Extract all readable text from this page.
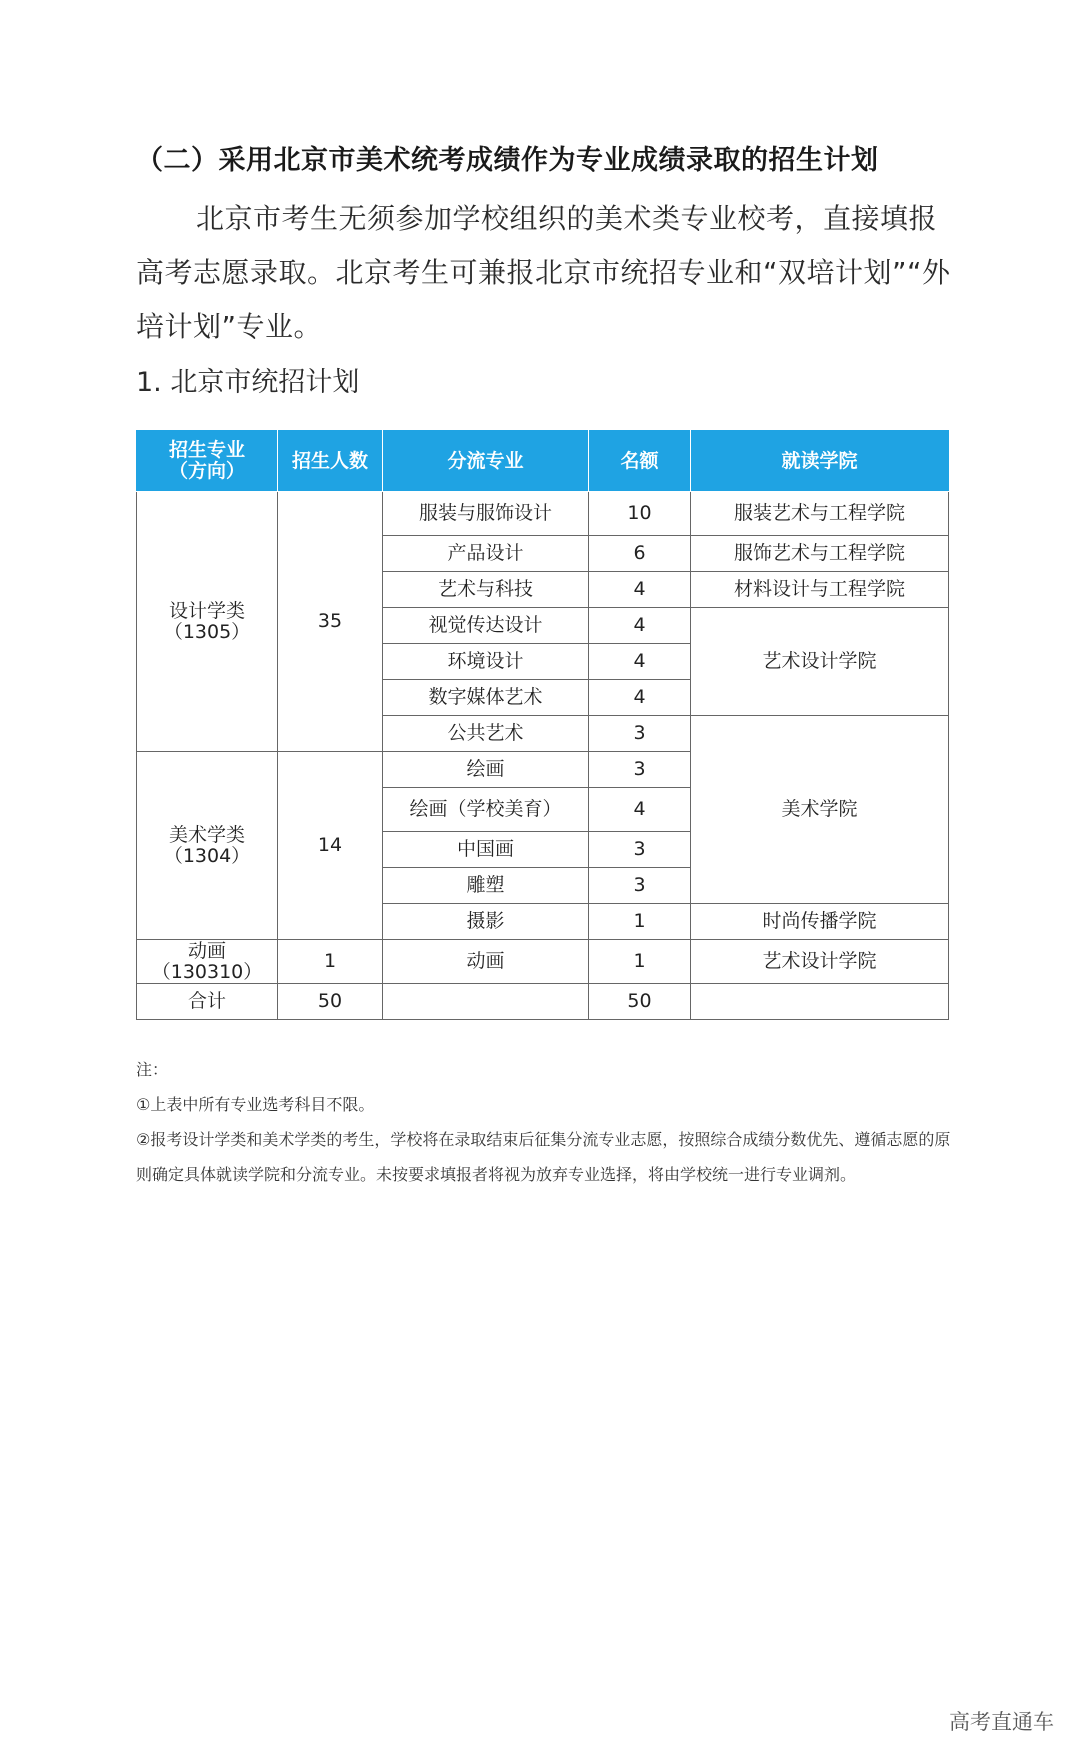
（二）采用北京市美术统考成绩作为专业成绩录取的招生计划
北京市考生无须参加学校组织的美术类专业校考，直接填报高考志愿录取。北京考生可兼报北京市统招专业和“双培计划”“外培计划”专业。
1. 北京市统招计划
招生专业
（方向）	招生人数	分流专业	名额	就读学院
设计学类
（1305）	35	服装与服饰设计	10	服装艺术与工程学院
		产品设计	6	服饰艺术与工程学院
		艺术与科技	4	材料设计与工程学院
		视觉传达设计	4	艺术设计学院
		环境设计	4	
		数字媒体艺术	4	
		公共艺术	3	美术学院
美术学类
（1304）	14	绘画	3	
		绘画（学校美育）	4	
		中国画	3	
		雕塑	3	
		摄影	1	时尚传播学院
动画
（130310）	1	动画	1	艺术设计学院
合计	50		50	
注：
①上表中所有专业选考科目不限。
②报考设计学类和美术学类的考生，学校将在录取结束后征集分流专业志愿，按照综合成绩分数优先、遵循志愿的原则确定具体就读学院和分流专业。未按要求填报者将视为放弃专业选择，将由学校统一进行专业调剂。
高考直通车
